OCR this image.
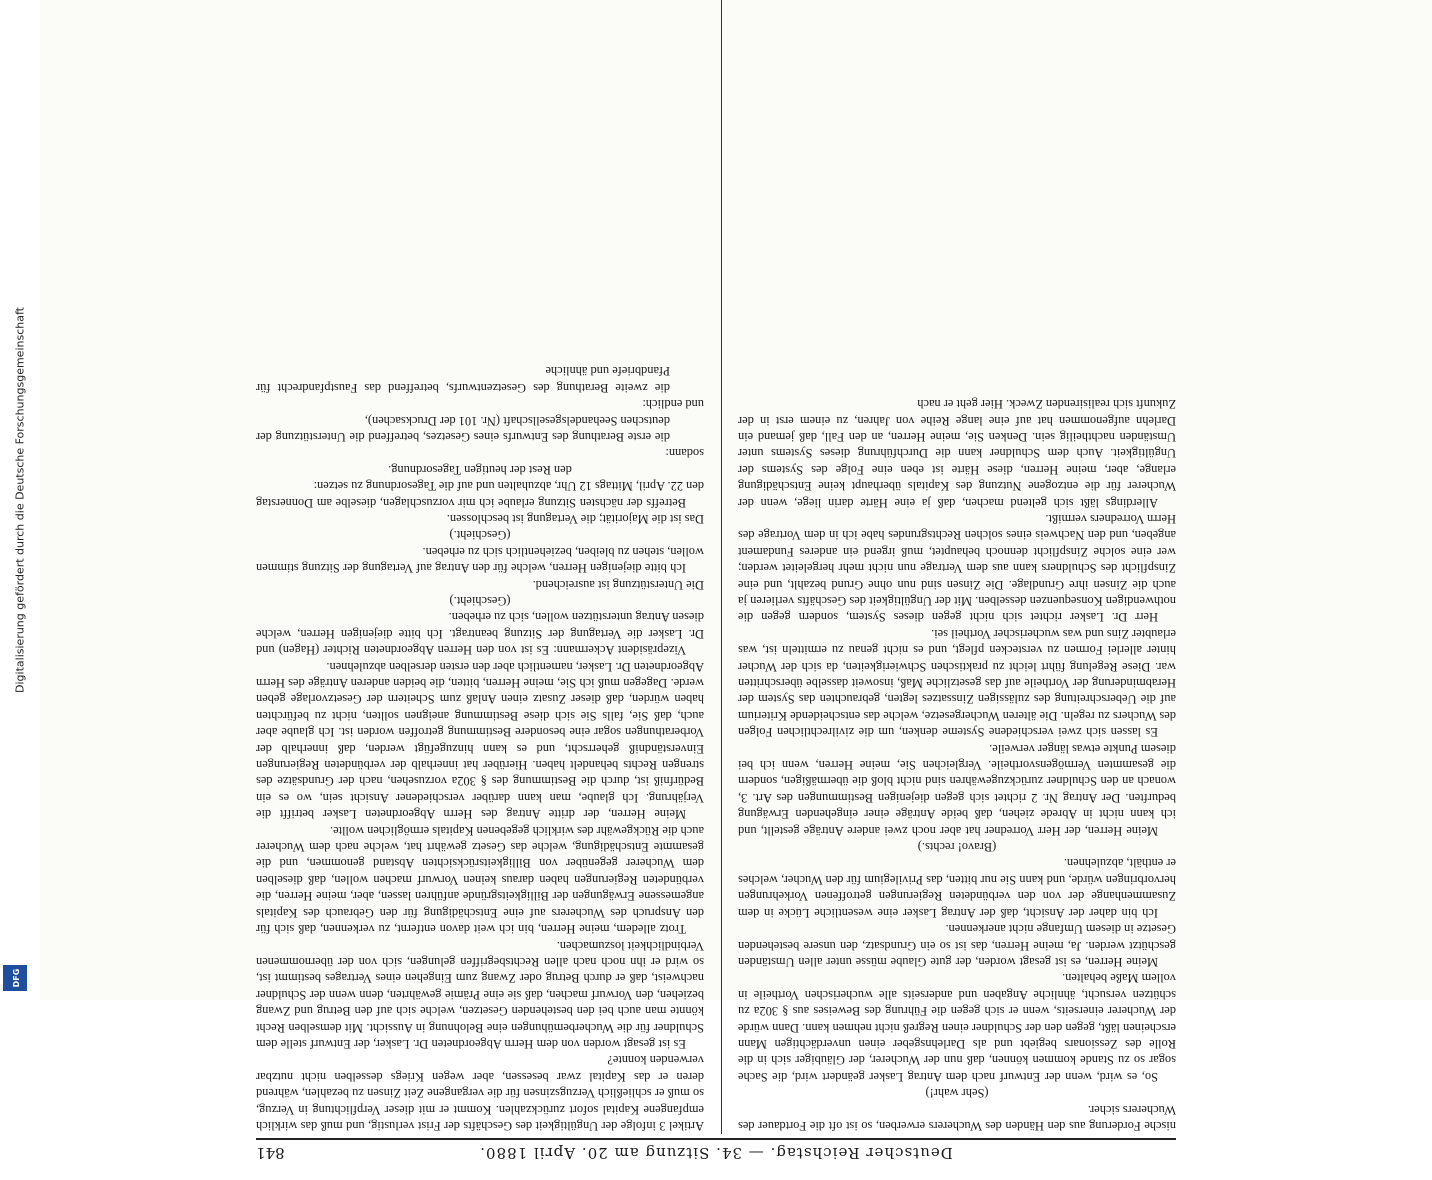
Deutscher Reichstag. — 34. Sitzung am 20. April 1880.
841

nische Forderung aus den Händen des Wucherers erwerben, so ist oft die Fortdauer des Wucherers sicher.

(Sehr wahr!)

So, es wird, wenn der Entwurf nach dem Antrag Lasker geändert wird, die Sache sogar so zu Stande kommen können, daß nun der Wucherer, der Gläubiger sich in die Rolle des Zessionars begiebt und als Darlehnsgeber einen unverdächtigen Mann erscheinen läßt, gegen den der Schuldner einen Regreß nicht nehmen kann. Dann würde der Wucherer einerseits, wenn er sich gegen die Führung des Beweises aus § 302a zu schützen versucht, ähnliche Angaben und anderseits alle wucherischen Vortheile in vollem Maße behalten.

Meine Herren, es ist gesagt worden, der gute Glaube müsse unter allen Umständen geschützt werden. Ja, meine Herren, das ist so ein Grundsatz, den unsere bestehenden Gesetze in diesem Umfange nicht anerkennen.

Ich bin daher der Ansicht, daß der Antrag Lasker eine wesentliche Lücke in dem Zusammenhange der von den verbündeten Regierungen getroffenen Vorkehrungen hervorbringen würde, und kann Sie nur bitten, das Privilegium für den Wucher, welches er enthält, abzulehnen.

(Bravo! rechts.)

Meine Herren, der Herr Vorredner hat aber noch zwei andere Anträge gestellt, und ich kann nicht in Abrede ziehen, daß beide Anträge einer eingehenden Erwägung bedurften. Der Antrag Nr. 2 richtet sich gegen diejenigen Bestimmungen des Art. 3, wonach an den Schuldner zurückzugewähren sind nicht bloß die übermäßigen, sondern die gesammten Vermögensvortheile. Vergleichen Sie, meine Herren, wenn ich bei diesem Punkte etwas länger verweile.

Es lassen sich zwei verschiedene Systeme denken, um die zivilrechtlichen Folgen des Wuchers zu regeln. Die älteren Wuchergesetze, welche das entscheidende Kriterium auf die Ueberschreitung des zulässigen Zinssatzes legten, gebrauchten das System der Herabminderung der Vortheile auf das gesetzliche Maß, insoweit dasselbe überschritten war. Diese Regelung führt leicht zu praktischen Schwierigkeiten, da sich der Wucher hinter allerlei Formen zu verstecken pflegt, und es nicht genau zu ermitteln ist, was erlaubter Zins und was wucherischer Vortheil sei.

Herr Dr. Lasker richtet sich nicht gegen dieses System, sondern gegen die nothwendigen Konsequenzen desselben. Mit der Ungültigkeit des Geschäfts verlieren ja auch die Zinsen ihre Grundlage. Die Zinsen sind nun ohne Grund bezahlt, und eine Zinspflicht des Schuldners kann aus dem Vertrage nun nicht mehr hergeleitet werden; wer eine solche Zinspflicht dennoch behauptet, muß irgend ein anderes Fundament angeben, und den Nachweis eines solchen Rechtsgrundes habe ich in dem Vortrage des Herrn Vorredners vermißt.

Allerdings läßt sich geltend machen, daß ja eine Härte darin liege, wenn der Wucherer für die entzogene Nutzung des Kapitals überhaupt keine Entschädigung erlange, aber, meine Herren, diese Härte ist eben eine Folge des Systems der Ungültigkeit. Auch dem Schuldner kann die Durchführung dieses Systems unter Umständen nachtheilig sein. Denken Sie, meine Herren, an den Fall, daß jemand ein Darlehn aufgenommen hat auf eine lange Reihe von Jahren, zu einem erst in der Zukunft sich realisirenden Zweck. Hier geht er nach

Artikel 3 infolge der Ungültigkeit des Geschäfts der Frist verlustig, und muß das wirklich empfangene Kapital sofort zurückzahlen. Kommt er mit dieser Verpflichtung in Verzug, so muß er schließlich Verzugszinsen für die vergangene Zeit Zinsen zu bezahlen, während deren er das Kapital zwar besessen, aber wegen Kriegs desselben nicht nutzbar verwenden konnte?

Es ist gesagt worden von dem Herrn Abgeordneten Dr. Lasker, der Entwurf stelle dem Schuldner für die Wucherbemühungen eine Belohnung in Aussicht. Mit demselben Recht könnte man auch bei den bestehenden Gesetzen, welche sich auf den Betrug und Zwang beziehen, den Vorwurf machen, daß sie eine Prämie gewährten, denn wenn der Schuldner nachweist, daß er durch Betrug oder Zwang zum Eingehen eines Vertrages bestimmt ist, so wird er ihn noch nach allen Rechtsbegriffen gelungen, sich von der übernommenen Verbindlichkeit loszumachen.

Trotz alledem, meine Herren, bin ich weit davon entfernt, zu verkennen, daß sich für den Anspruch des Wucherers auf eine Entschädigung für den Gebrauch des Kapitals angemessene Erwägungen der Billigkeitsgründe anführen lassen, aber, meine Herren, die verbündeten Regierungen haben daraus keinen Vorwurf machen wollen, daß dieselben dem Wucherer gegenüber von Billigkeitsrücksichten Abstand genommen, und die gesammte Entschädigung, welche das Gesetz gewährt hat, welche nach dem Wucherer auch die Rückgewähr des wirklich gegebenen Kapitals ermöglichen wollte.

Meine Herren, der dritte Antrag des Herrn Abgeordneten Lasker betrifft die Verjährung. Ich glaube, man kann darüber verschiedener Ansicht sein, wo es ein Bedürfniß ist, durch die Bestimmung des § 302a vorzusehen, nach der Grundsätze des strengen Rechts behandelt haben. Hierüber hat innerhalb der verbündeten Regierungen Einverständniß geherrscht, und es kann hinzugefügt werden, daß innerhalb der Vorberathungen sogar eine besondere Bestimmung getroffen worden ist. Ich glaube aber auch, daß Sie, falls Sie sich diese Bestimmung aneignen sollten, nicht zu befürchten haben würden, daß dieser Zusatz einen Anlaß zum Scheitern der Gesetzvorlage geben werde. Dagegen muß ich Sie, meine Herren, bitten, die beiden anderen Anträge des Herrn Abgeordneten Dr. Lasker, namentlich aber den ersten derselben abzulehnen.

Vizepräsident Ackermann: Es ist von den Herren Abgeordneten Richter (Hagen) und Dr. Lasker die Vertagung der Sitzung beantragt. Ich bitte diejenigen Herren, welche diesen Antrag unterstützen wollen, sich zu erheben.

(Geschieht.)

Die Unterstützung ist ausreichend.

Ich bitte diejenigen Herren, welche für den Antrag auf Vertagung der Sitzung stimmen wollen, stehen zu bleiben, beziehentlich sich zu erheben.

(Geschieht.)

Das ist die Majorität; die Vertagung ist beschlossen.

Betreffs der nächsten Sitzung erlaube ich mir vorzuschlagen, dieselbe am Donnerstag den 22. April, Mittags 12 Uhr, abzuhalten und auf die Tagesordnung zu setzen:

den Rest der heutigen Tagesordnung.

sodann:

die erste Berathung des Entwurfs eines Gesetzes, betreffend die Unterstützung der deutschen Seehandelsgesellschaft (Nr. 101 der Drucksachen),

und endlich:

die zweite Berathung des Gesetzentwurfs, betreffend das Faustpfandrecht für Pfandbriefe und ähnliche

Digitalisierung gefördert durch die Deutsche Forschungsgemeinschaft
DFG
